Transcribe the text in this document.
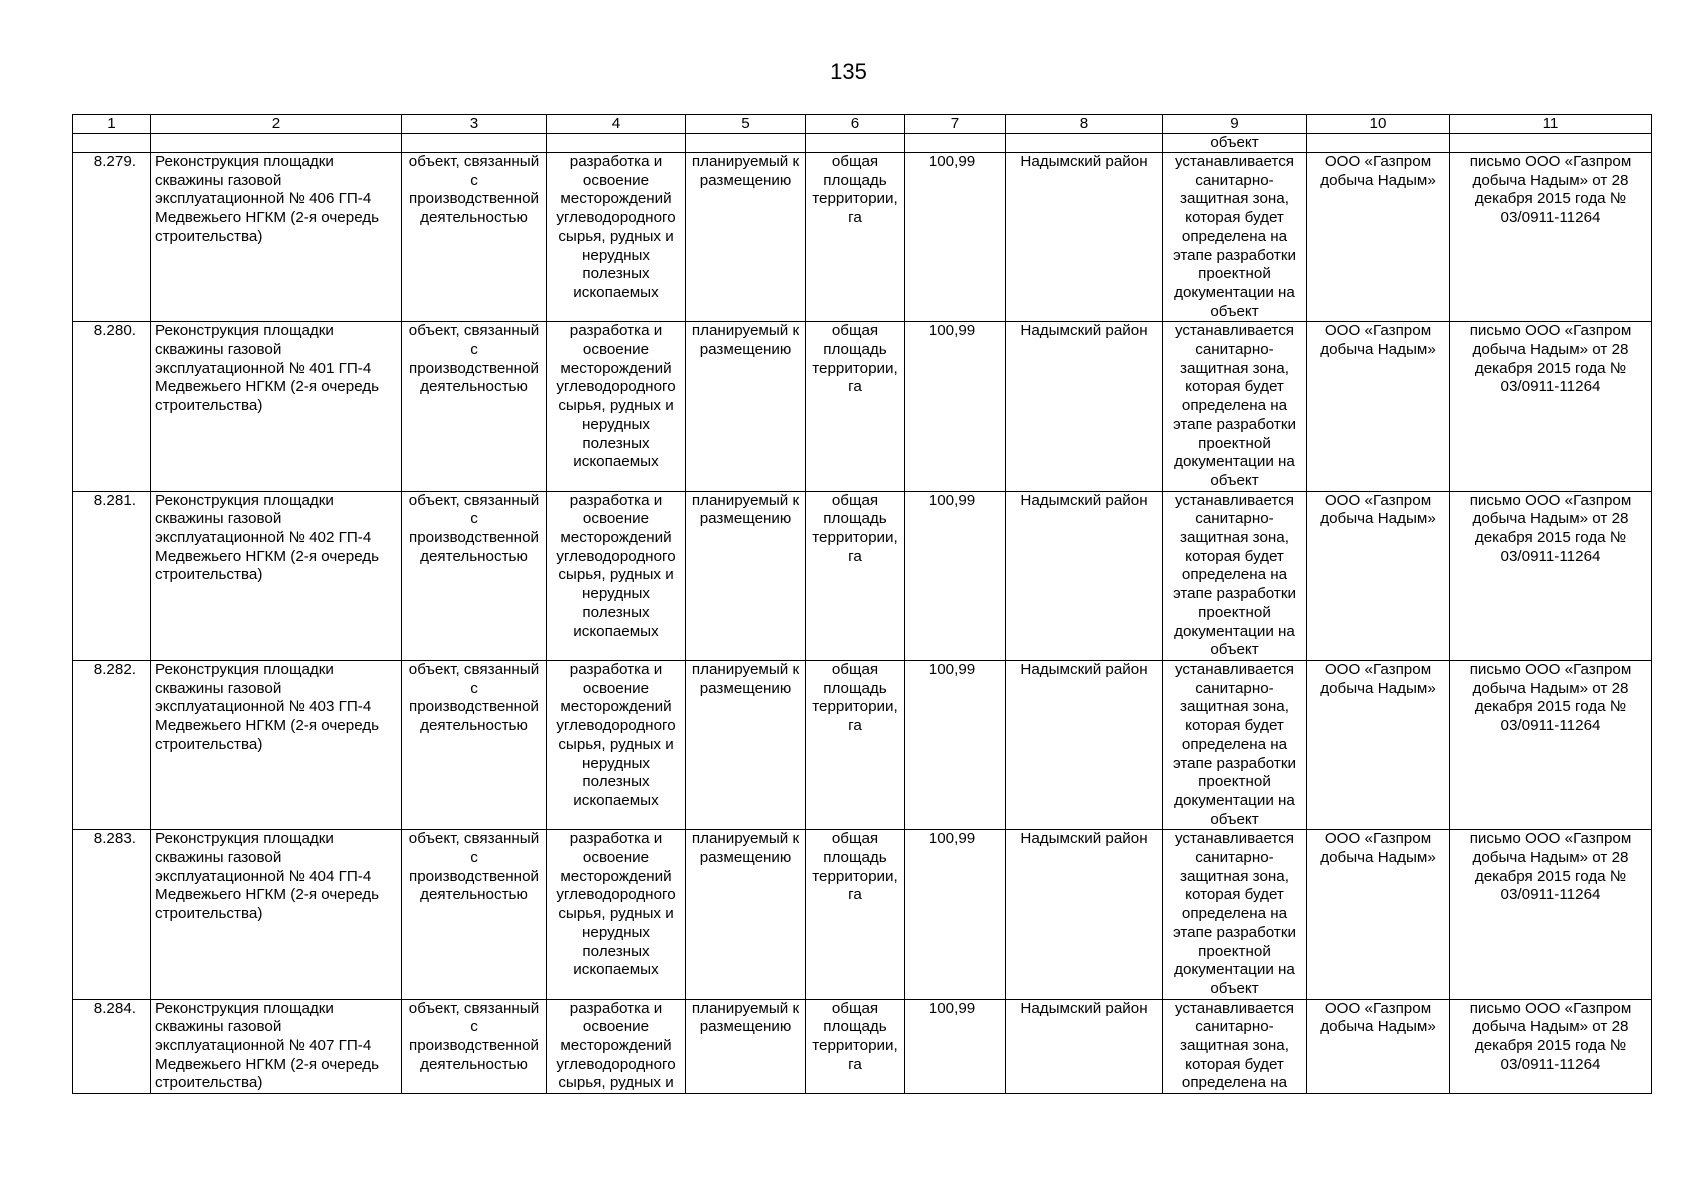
135
1	2	3	4	5	6	7	8	9	10	11
								объект		
8.279.	Реконструкция площадки скважины газовой эксплуатационной № 406 ГП-4 Медвежьего НГКМ (2-я очередь строительства)	объект, связанный с производственной деятельностью	разработка и освоение месторождений углеводородного сырья, рудных и нерудных полезных ископаемых	планируемый к размещению	общая площадь территории, га	100,99	Надымский район	устанавливается санитарно-защитная зона, которая будет определена на этапе разработки проектной документации на объект	ООО «Газпром добыча Надым»	письмо ООО «Газпром добыча Надым» от 28 декабря 2015 года № 03/0911-11264
8.280.	Реконструкция площадки скважины газовой эксплуатационной № 401 ГП-4 Медвежьего НГКМ (2-я очередь строительства)	объект, связанный с производственной деятельностью	разработка и освоение месторождений углеводородного сырья, рудных и нерудных полезных ископаемых	планируемый к размещению	общая площадь территории, га	100,99	Надымский район	устанавливается санитарно-защитная зона, которая будет определена на этапе разработки проектной документации на объект	ООО «Газпром добыча Надым»	письмо ООО «Газпром добыча Надым» от 28 декабря 2015 года № 03/0911-11264
8.281.	Реконструкция площадки скважины газовой эксплуатационной № 402 ГП-4 Медвежьего НГКМ (2-я очередь строительства)	объект, связанный с производственной деятельностью	разработка и освоение месторождений углеводородного сырья, рудных и нерудных полезных ископаемых	планируемый к размещению	общая площадь территории, га	100,99	Надымский район	устанавливается санитарно-защитная зона, которая будет определена на этапе разработки проектной документации на объект	ООО «Газпром добыча Надым»	письмо ООО «Газпром добыча Надым» от 28 декабря 2015 года № 03/0911-11264
8.282.	Реконструкция площадки скважины газовой эксплуатационной № 403 ГП-4 Медвежьего НГКМ (2-я очередь строительства)	объект, связанный с производственной деятельностью	разработка и освоение месторождений углеводородного сырья, рудных и нерудных полезных ископаемых	планируемый к размещению	общая площадь территории, га	100,99	Надымский район	устанавливается санитарно-защитная зона, которая будет определена на этапе разработки проектной документации на объект	ООО «Газпром добыча Надым»	письмо ООО «Газпром добыча Надым» от 28 декабря 2015 года № 03/0911-11264
8.283.	Реконструкция площадки скважины газовой эксплуатационной № 404 ГП-4 Медвежьего НГКМ (2-я очередь строительства)	объект, связанный с производственной деятельностью	разработка и освоение месторождений углеводородного сырья, рудных и нерудных полезных ископаемых	планируемый к размещению	общая площадь территории, га	100,99	Надымский район	устанавливается санитарно-защитная зона, которая будет определена на этапе разработки проектной документации на объект	ООО «Газпром добыча Надым»	письмо ООО «Газпром добыча Надым» от 28 декабря 2015 года № 03/0911-11264
8.284.	Реконструкция площадки скважины газовой эксплуатационной № 407 ГП-4 Медвежьего НГКМ (2-я очередь строительства)	объект, связанный с производственной деятельностью	разработка и освоение месторождений углеводородного сырья, рудных и	планируемый к размещению	общая площадь территории, га	100,99	Надымский район	устанавливается санитарно-защитная зона, которая будет определена на	ООО «Газпром добыча Надым»	письмо ООО «Газпром добыча Надым» от 28 декабря 2015 года № 03/0911-11264
